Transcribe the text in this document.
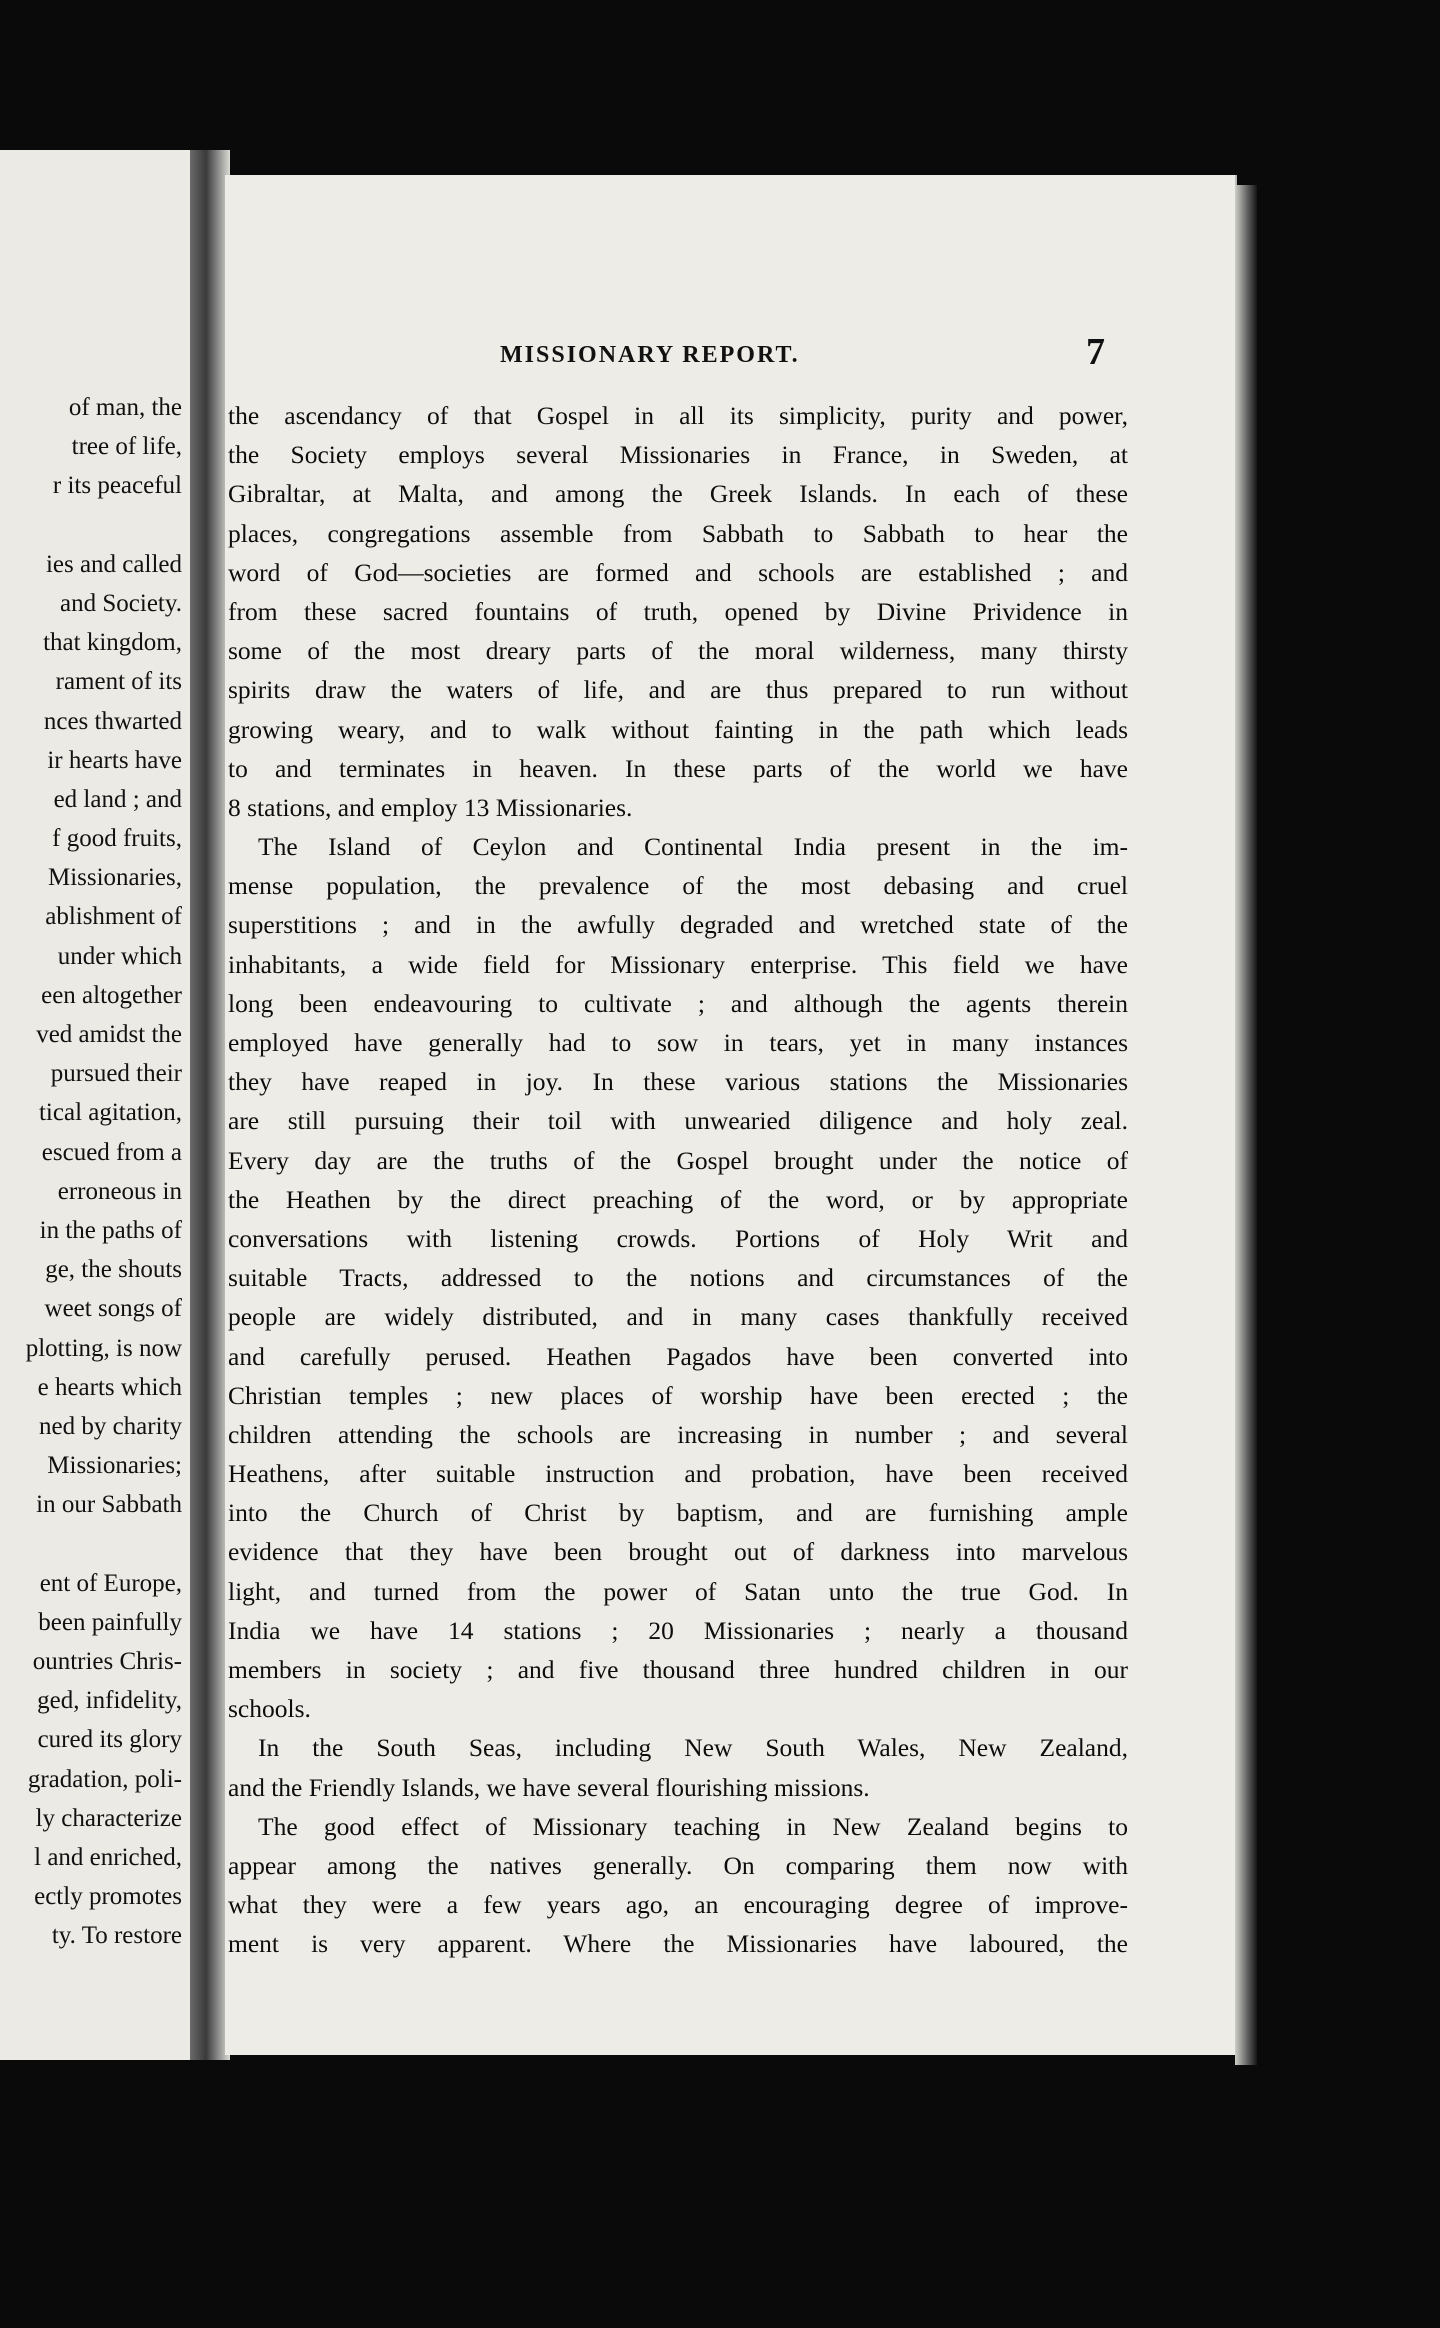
of man, the
tree of life,
r its peaceful
ies and called
and Society.
that kingdom,
rament of its
nces thwarted
ir hearts have
ed land ; and
f good fruits,
Missionaries,
ablishment of
under which
een altogether
ved amidst the
pursued their
tical agitation,
escued from a
erroneous in
in the paths of
ge, the shouts
weet songs of
plotting, is now
e hearts which
ned by charity
Missionaries;
in our Sabbath
ent of Europe,
been painfully
ountries Chris-
ged, infidelity,
cured its glory
gradation, poli-
ly characterize
l and enriched,
ectly promotes
ty. To restore
MISSIONARY REPORT.	7
the ascendancy of that Gospel in all its simplicity, purity and power,
the Society employs several Missionaries in France, in Sweden, at
Gibraltar, at Malta, and among the Greek Islands. In each of these
places, congregations assemble from Sabbath to Sabbath to hear the
word of God—societies are formed and schools are established ; and
from these sacred fountains of truth, opened by Divine Prividence in
some of the most dreary parts of the moral wilderness, many thirsty
spirits draw the waters of life, and are thus prepared to run without
growing weary, and to walk without fainting in the path which leads
to and terminates in heaven. In these parts of the world we have
8 stations, and employ 13 Missionaries.
The Island of Ceylon and Continental India present in the im-
mense population, the prevalence of the most debasing and cruel
superstitions ; and in the awfully degraded and wretched state of the
inhabitants, a wide field for Missionary enterprise. This field we have
long been endeavouring to cultivate ; and although the agents therein
employed have generally had to sow in tears, yet in many instances
they have reaped in joy. In these various stations the Missionaries
are still pursuing their toil with unwearied diligence and holy zeal.
Every day are the truths of the Gospel brought under the notice of
the Heathen by the direct preaching of the word, or by appropriate
conversations with listening crowds. Portions of Holy Writ and
suitable Tracts, addressed to the notions and circumstances of the
people are widely distributed, and in many cases thankfully received
and carefully perused. Heathen Pagados have been converted into
Christian temples ; new places of worship have been erected ; the
children attending the schools are increasing in number ; and several
Heathens, after suitable instruction and probation, have been received
into the Church of Christ by baptism, and are furnishing ample
evidence that they have been brought out of darkness into marvelous
light, and turned from the power of Satan unto the true God. In
India we have 14 stations ; 20 Missionaries ; nearly a thousand
members in society ; and five thousand three hundred children in our
schools.
In the South Seas, including New South Wales, New Zealand,
and the Friendly Islands, we have several flourishing missions.
The good effect of Missionary teaching in New Zealand begins to
appear among the natives generally. On comparing them now with
what they were a few years ago, an encouraging degree of improve-
ment is very apparent. Where the Missionaries have laboured, the
